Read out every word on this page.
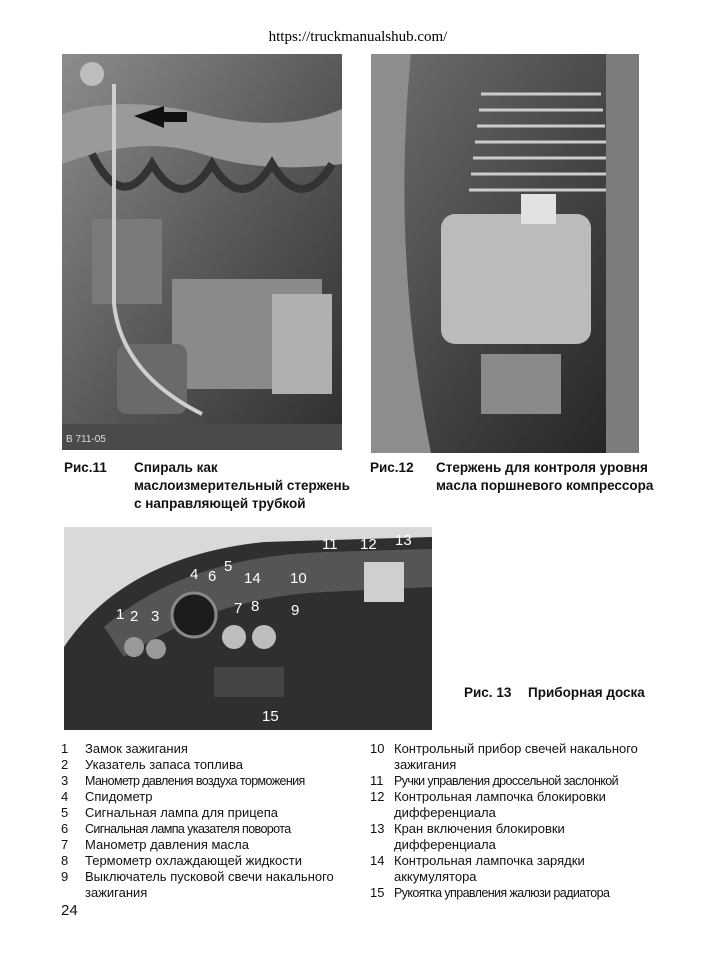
https://truckmanualshub.com/
B 711-05
Рис.11 Спираль как маслоизмерительный стержень с направляющей трубкой
Рис.12 Стержень для контроля уровня масла поршневого компрессора
1 2 3
4 5
6
7 8 9
10
11 12 13
14
15
Рис. 13 Приборная доска
1	Замок зажигания
2	Указатель запаса топлива
3	Манометр давления воздуха торможения
4	Спидометр
5	Сигнальная лампа для прицепа
6	Сигнальная лампа указателя поворота
7	Манометр давления масла
8	Термометр охлаждающей жидкости
9	Выключатель пусковой свечи накального зажигания
10 Контрольный прибор свечей накального зажигания
11 Ручки управления дроссельной заслонкой
12 Контрольная лампочка блокировки дифференциала
13 Кран включения блокировки дифференциала
14 Контрольная лампочка зарядки аккумулятора
15 Рукоятка управления жалюзи радиатора
24
